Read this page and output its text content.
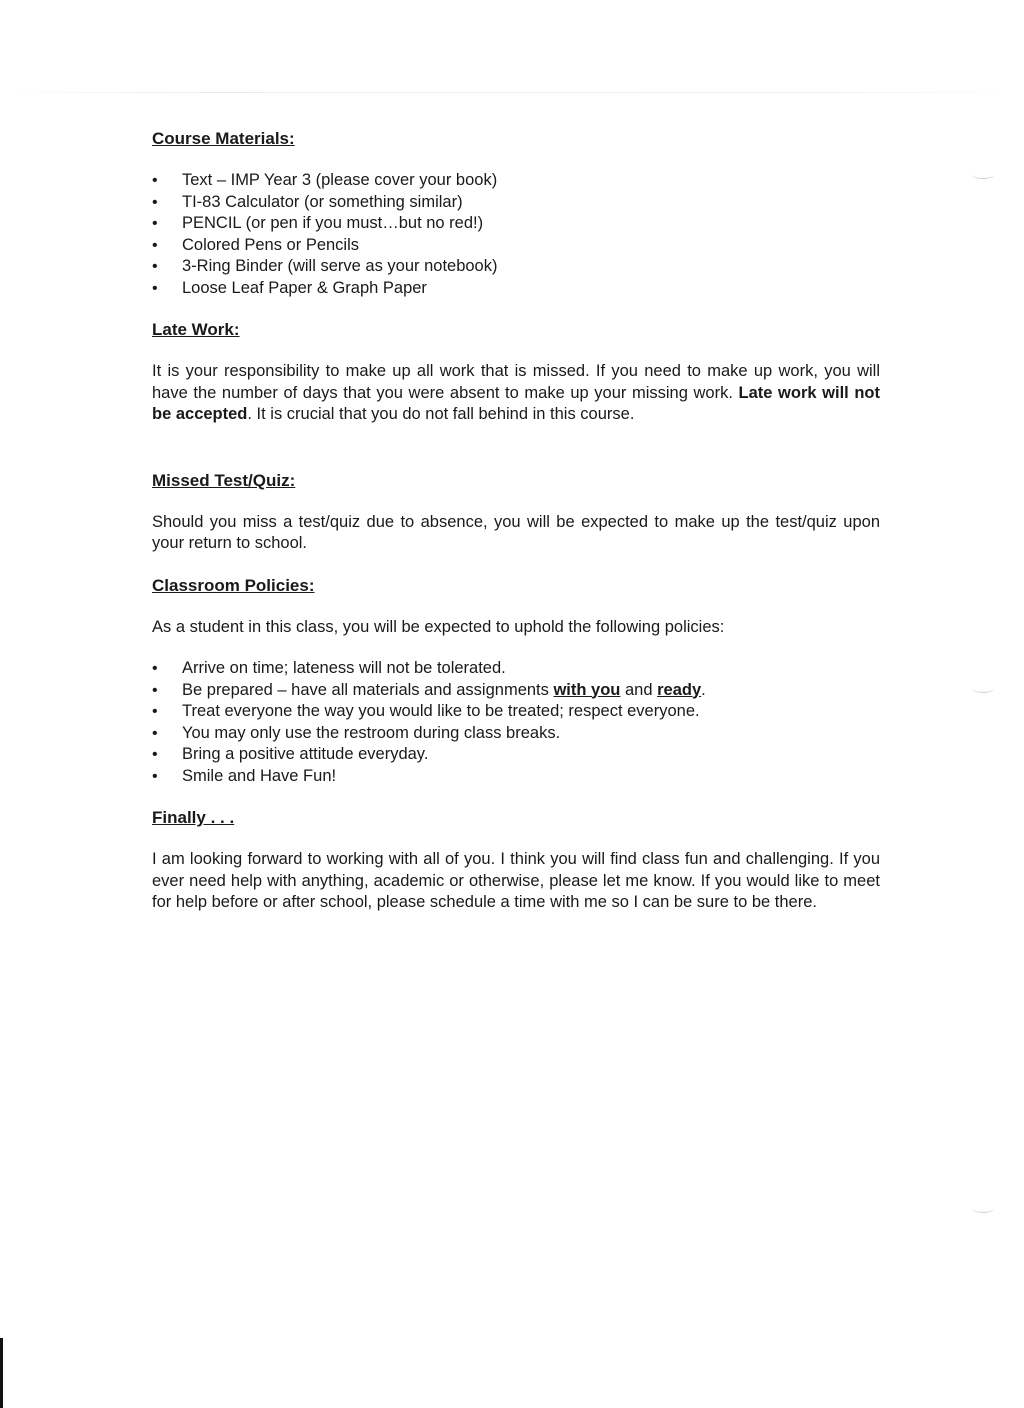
Course Materials:
• Text – IMP Year 3 (please cover your book)
• TI-83 Calculator (or something similar)
• PENCIL (or pen if you must…but no red!)
• Colored Pens or Pencils
• 3-Ring Binder (will serve as your notebook)
• Loose Leaf Paper & Graph Paper
Late Work:

It is your responsibility to make up all work that is missed. If you need to make up work, you will have the number of days that you were absent to make up your missing work. Late work will not be accepted. It is crucial that you do not fall behind in this course.

Missed Test/Quiz:

Should you miss a test/quiz due to absence, you will be expected to make up the test/quiz upon your return to school.

Classroom Policies:

As a student in this class, you will be expected to uphold the following policies:

• Arrive on time; lateness will not be tolerated.
• Be prepared – have all materials and assignments with you and ready.
• Treat everyone the way you would like to be treated; respect everyone.
• You may only use the restroom during class breaks.
• Bring a positive attitude everyday.
• Smile and Have Fun!
Finally . . .

I am looking forward to working with all of you. I think you will find class fun and challenging. If you ever need help with anything, academic or otherwise, please let me know. If you would like to meet for help before or after school, please schedule a time with me so I can be sure to be there.
